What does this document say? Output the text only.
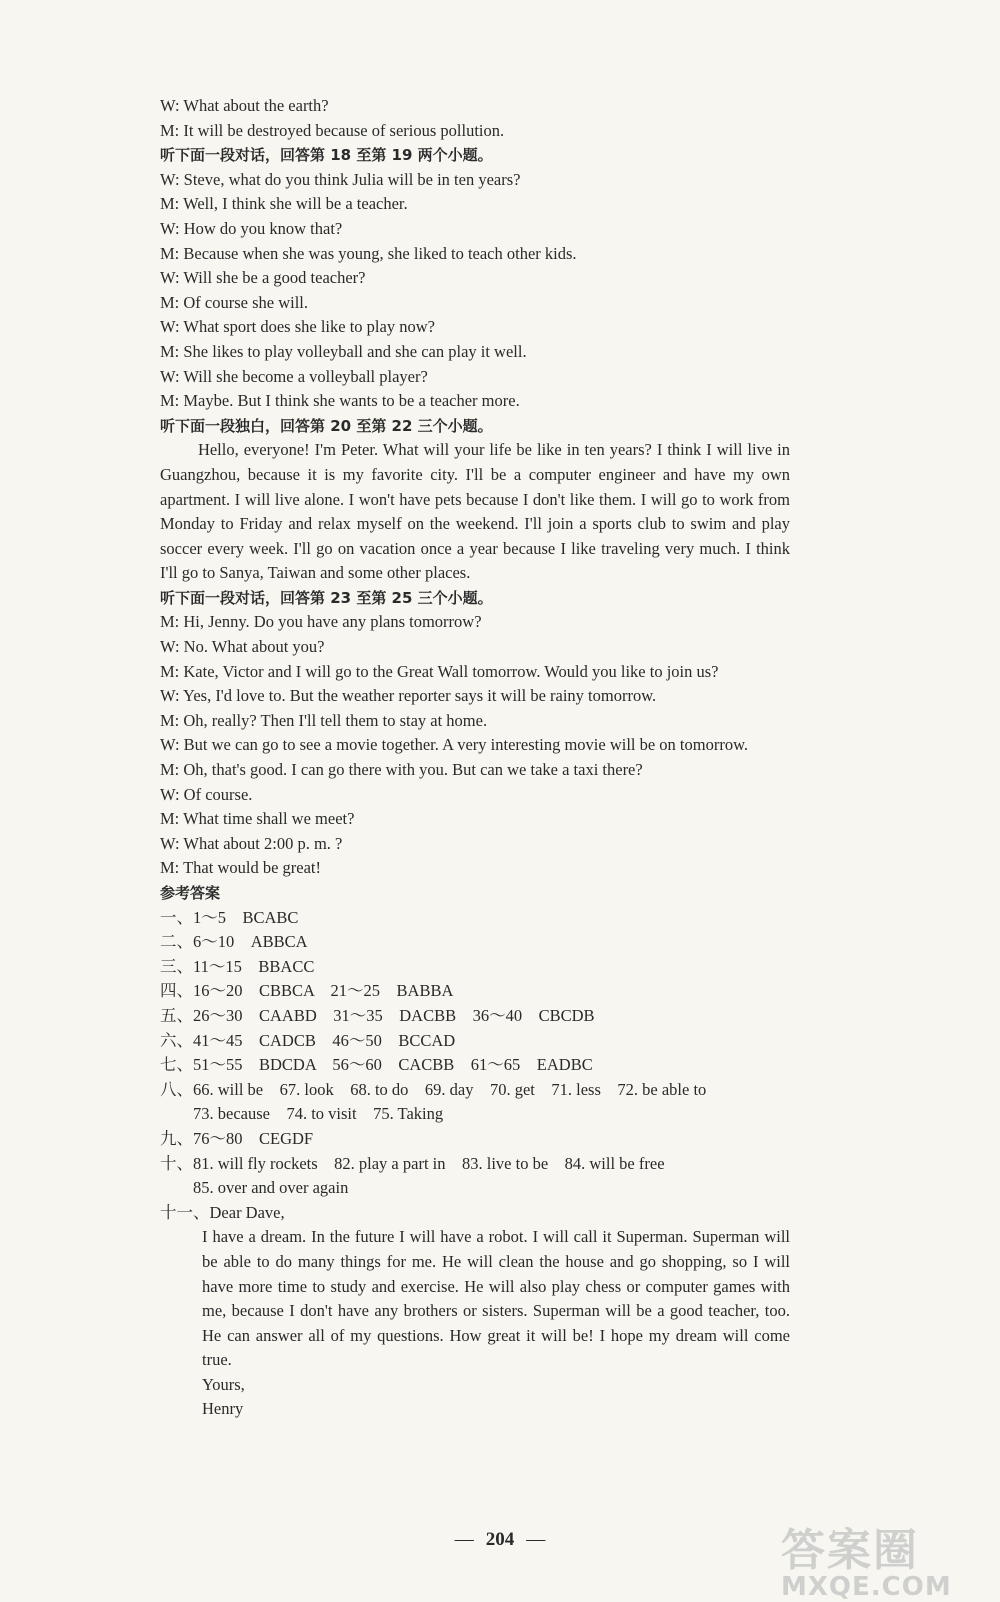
W: What about the earth?
M: It will be destroyed because of serious pollution.
听下面一段对话，回答第 18 至第 19 两个小题。
W: Steve, what do you think Julia will be in ten years?
M: Well, I think she will be a teacher.
W: How do you know that?
M: Because when she was young, she liked to teach other kids.
W: Will she be a good teacher?
M: Of course she will.
W: What sport does she like to play now?
M: She likes to play volleyball and she can play it well.
W: Will she become a volleyball player?
M: Maybe. But I think she wants to be a teacher more.
听下面一段独白，回答第 20 至第 22 三个小题。
Hello, everyone! I'm Peter. What will your life be like in ten years? I think I will live in Guangzhou, because it is my favorite city. I'll be a computer engineer and have my own apartment. I will live alone. I won't have pets because I don't like them. I will go to work from Monday to Friday and relax myself on the weekend. I'll join a sports club to swim and play soccer every week. I'll go on vacation once a year because I like traveling very much. I think I'll go to Sanya, Taiwan and some other places.
听下面一段对话，回答第 23 至第 25 三个小题。
M: Hi, Jenny. Do you have any plans tomorrow?
W: No. What about you?
M: Kate, Victor and I will go to the Great Wall tomorrow. Would you like to join us?
W: Yes, I'd love to. But the weather reporter says it will be rainy tomorrow.
M: Oh, really? Then I'll tell them to stay at home.
W: But we can go to see a movie together. A very interesting movie will be on tomorrow.
M: Oh, that's good. I can go there with you. But can we take a taxi there?
W: Of course.
M: What time shall we meet?
W: What about 2:00 p. m. ?
M: That would be great!
参考答案
一、1～5　BCABC
二、6～10　ABBCA
三、11～15　BBACC
四、16～20　CBBCA　21～25　BABBA
五、26～30　CAABD　31～35　DACBB　36～40　CBCDB
六、41～45　CADCB　46～50　BCCAD
七、51～55　BDCDA　56～60　CACBB　61～65　EADBC
八、66. will be　67. look　68. to do　69. day　70. get　71. less　72. be able to
　　73. because　74. to visit　75. Taking
九、76～80　CEGDF
十、81. will fly rockets　82. play a part in　83. live to be　84. will be free
　　85. over and over again
十一、Dear Dave,
I have a dream. In the future I will have a robot. I will call it Superman. Superman will be able to do many things for me. He will clean the house and go shopping, so I will have more time to study and exercise. He will also play chess or computer games with me, because I don't have any brothers or sisters. Superman will be a good teacher, too. He can answer all of my questions. How great it will be! I hope my dream will come true.
Yours,
Henry
— 204 —	答案圈
MXQE.COM
